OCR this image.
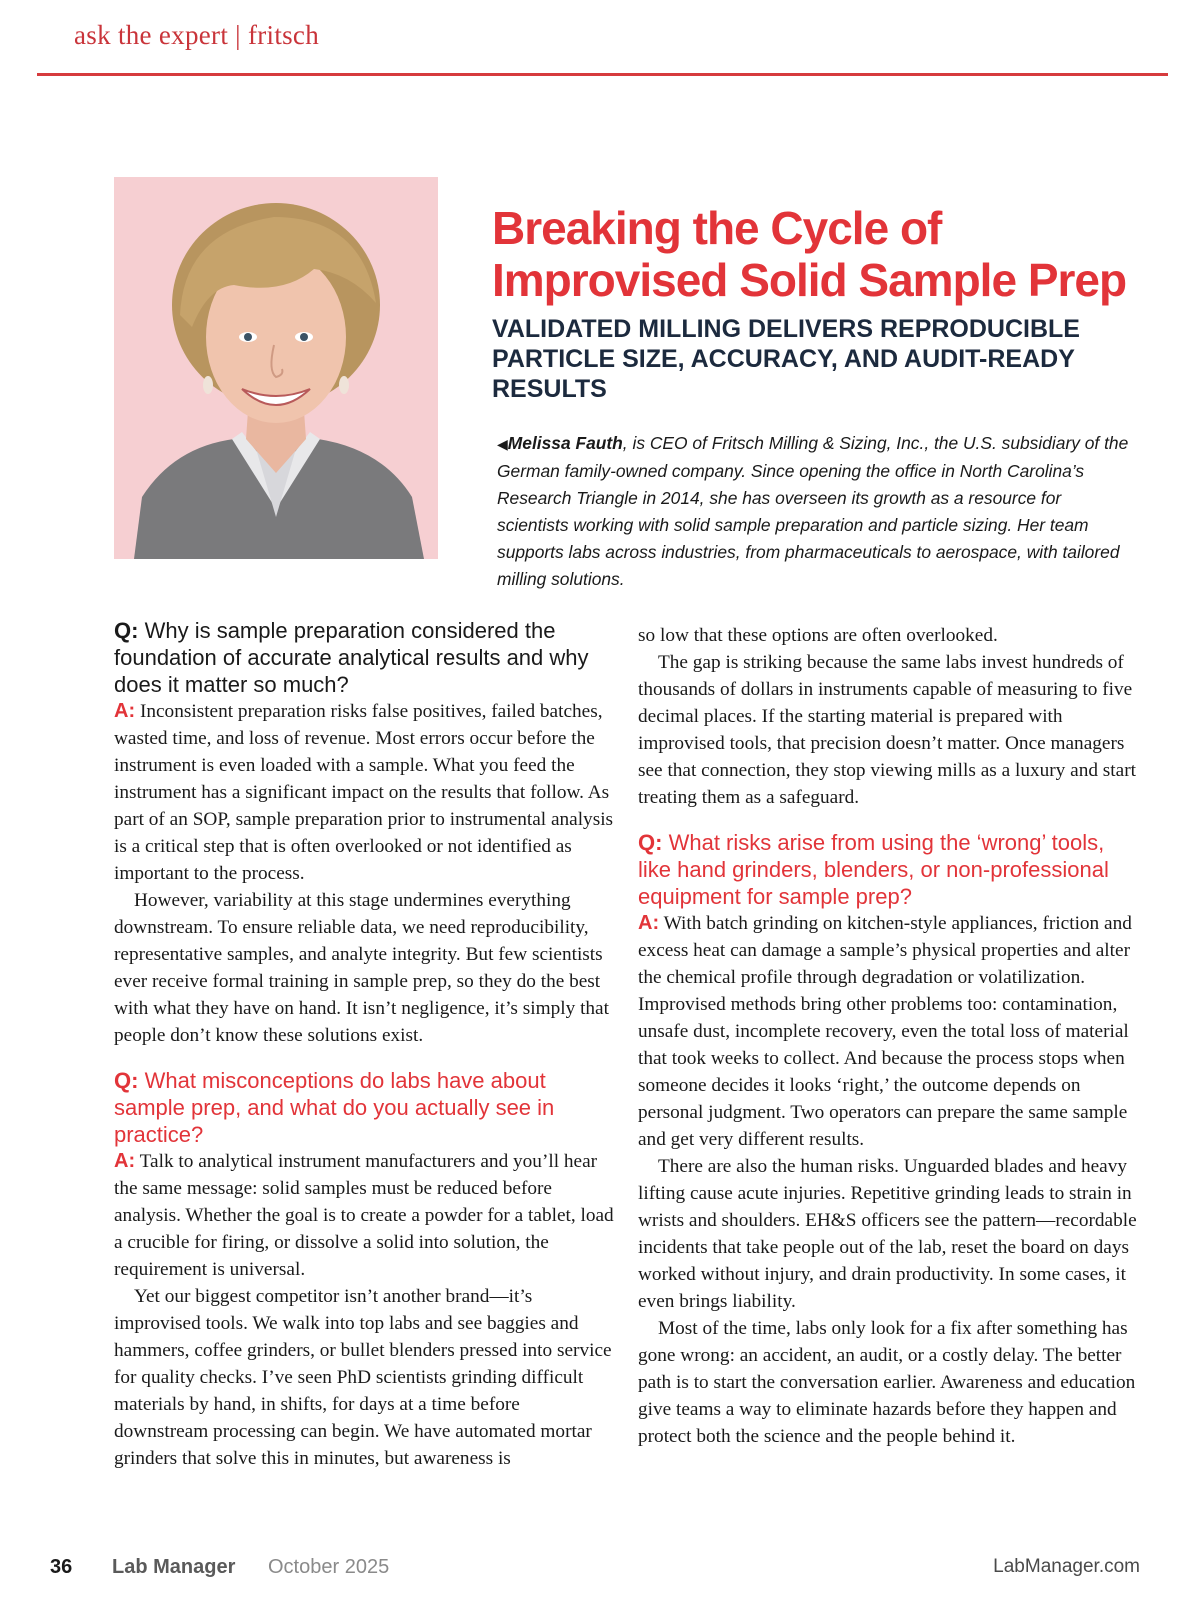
ask the expert | fritsch
Breaking the Cycle of Improvised Solid Sample Prep
VALIDATED MILLING DELIVERS REPRODUCIBLE PARTICLE SIZE, ACCURACY, AND AUDIT-READY RESULTS
◀Melissa Fauth, is CEO of Fritsch Milling & Sizing, Inc., the U.S. subsidiary of the German family-owned company. Since opening the office in North Carolina’s Research Triangle in 2014, she has overseen its growth as a resource for scientists working with solid sample preparation and particle sizing. Her team supports labs across industries, from pharmaceuticals to aerospace, with tailored milling solutions.

Q: Why is sample preparation considered the foundation of accurate analytical results and why does it matter so much?

A: Inconsistent preparation risks false positives, failed batches, wasted time, and loss of revenue. Most errors occur before the instrument is even loaded with a sample. What you feed the instrument has a significant impact on the results that follow. As part of an SOP, sample preparation prior to instrumental analysis is a critical step that is often overlooked or not identified as important to the process.

However, variability at this stage undermines everything downstream. To ensure reliable data, we need reproducibility, representative samples, and analyte integrity. But few scientists ever receive formal training in sample prep, so they do the best with what they have on hand. It isn’t negligence, it’s simply that people don’t know these solutions exist.

Q: What misconceptions do labs have about sample prep, and what do you actually see in practice?

A: Talk to analytical instrument manufacturers and you’ll hear the same message: solid samples must be reduced before analysis. Whether the goal is to create a powder for a tablet, load a crucible for firing, or dissolve a solid into solution, the requirement is universal.

Yet our biggest competitor isn’t another brand—it’s improvised tools. We walk into top labs and see baggies and hammers, coffee grinders, or bullet blenders pressed into service for quality checks. I’ve seen PhD scientists grinding difficult materials by hand, in shifts, for days at a time before downstream processing can begin. We have automated mortar grinders that solve this in minutes, but awareness is

so low that these options are often overlooked.

The gap is striking because the same labs invest hundreds of thousands of dollars in instruments capable of measuring to five decimal places. If the starting material is prepared with improvised tools, that precision doesn’t matter. Once managers see that connection, they stop viewing mills as a luxury and start treating them as a safeguard.

Q: What risks arise from using the ‘wrong’ tools, like hand grinders, blenders, or non-professional equipment for sample prep?

A: With batch grinding on kitchen-style appliances, friction and excess heat can damage a sample’s physical properties and alter the chemical profile through degradation or volatilization. Improvised methods bring other problems too: contamination, unsafe dust, incomplete recovery, even the total loss of material that took weeks to collect. And because the process stops when someone decides it looks ‘right,’ the outcome depends on personal judgment. Two operators can prepare the same sample and get very different results.

There are also the human risks. Unguarded blades and heavy lifting cause acute injuries. Repetitive grinding leads to strain in wrists and shoulders. EH&S officers see the pattern—recordable incidents that take people out of the lab, reset the board on days worked without injury, and drain productivity. In some cases, it even brings liability.

Most of the time, labs only look for a fix after something has gone wrong: an accident, an audit, or a costly delay. The better path is to start the conversation earlier. Awareness and education give teams a way to eliminate hazards before they happen and protect both the science and the people behind it.

36 Lab Manager October 2025	LabManager.com
